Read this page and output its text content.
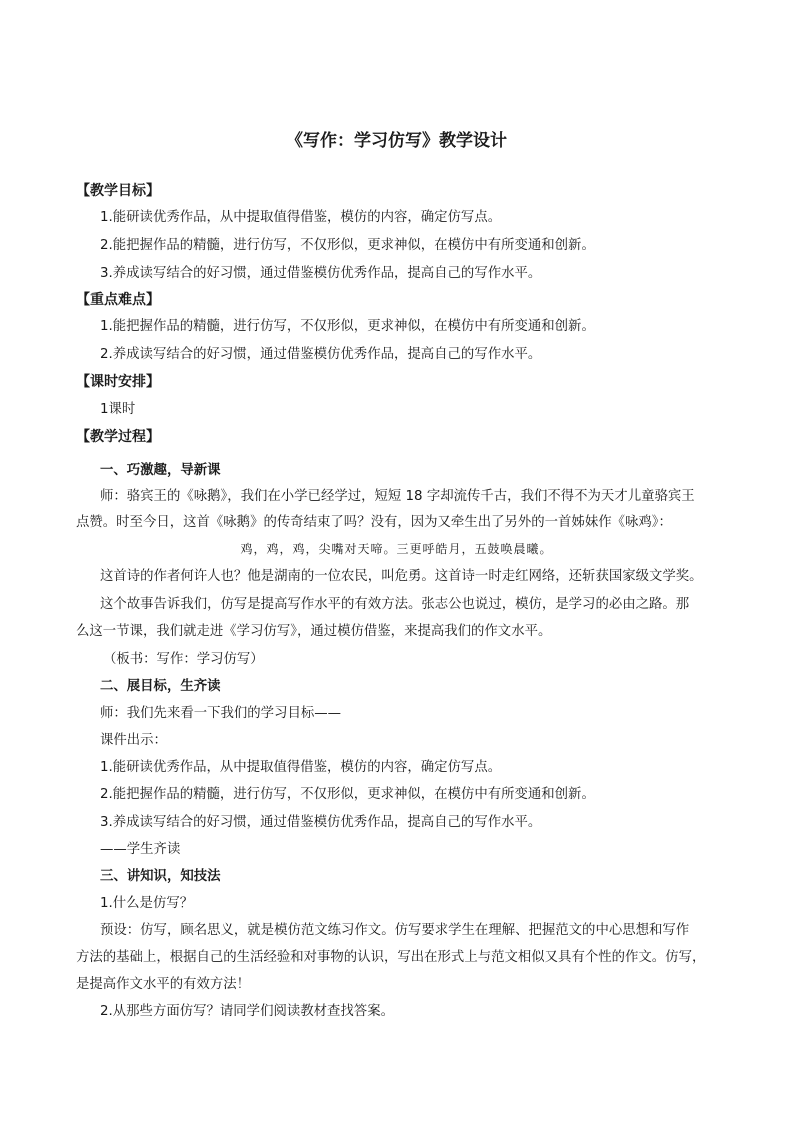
《写作：学习仿写》教学设计
【教学目标】
1.能研读优秀作品，从中提取值得借鉴，模仿的内容，确定仿写点。
2.能把握作品的精髓，进行仿写，不仅形似，更求神似，在模仿中有所变通和创新。
3.养成读写结合的好习惯，通过借鉴模仿优秀作品，提高自己的写作水平。
【重点难点】
1.能把握作品的精髓，进行仿写，不仅形似，更求神似，在模仿中有所变通和创新。
2.养成读写结合的好习惯，通过借鉴模仿优秀作品，提高自己的写作水平。
【课时安排】
1课时
【教学过程】
一、巧激趣，导新课
师：骆宾王的《咏鹅》，我们在小学已经学过，短短 18 字却流传千古，我们不得不为天才儿童骆宾王
点赞。时至今日，这首《咏鹅》的传奇结束了吗？没有，因为又牵生出了另外的一首姊妹作《咏鸡》：
鸡，鸡，鸡，尖嘴对天啼。三更呼皓月，五鼓唤晨曦。
这首诗的作者何许人也？他是湖南的一位农民，叫危勇。这首诗一时走红网络，还斩获国家级文学奖。
这个故事告诉我们，仿写是提高写作水平的有效方法。张志公也说过，模仿，是学习的必由之路。那
么这一节课，我们就走进《学习仿写》，通过模仿借鉴，来提高我们的作文水平。
（板书：写作：学习仿写）
二、展目标，生齐读
师：我们先来看一下我们的学习目标——
课件出示：
1.能研读优秀作品，从中提取值得借鉴，模仿的内容，确定仿写点。
2.能把握作品的精髓，进行仿写，不仅形似，更求神似，在模仿中有所变通和创新。
3.养成读写结合的好习惯，通过借鉴模仿优秀作品，提高自己的写作水平。
——学生齐读
三、讲知识，知技法
1.什么是仿写？
预设：仿写，顾名思义，就是模仿范文练习作文。仿写要求学生在理解、把握范文的中心思想和写作
方法的基础上，根据自己的生活经验和对事物的认识，写出在形式上与范文相似又具有个性的作文。仿写，
是提高作文水平的有效方法！
2.从那些方面仿写？请同学们阅读教材查找答案。
